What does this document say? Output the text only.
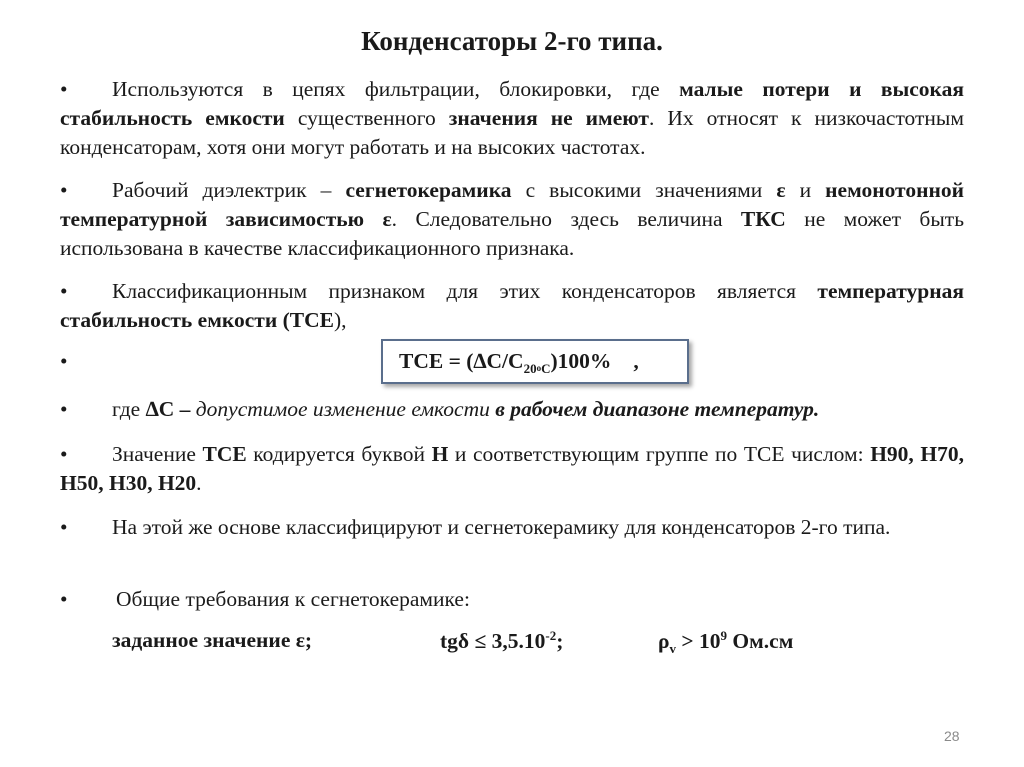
Конденсаторы 2-го типа.
• Используются в цепях фильтрации, блокировки, где малые потери и высокая стабильность емкости существенного значения не имеют. Их относят к низкочастотным конденсаторам, хотя они могут работать и на высоких частотах.
• Рабочий диэлектрик – сегнетокерамика с высокими значениями ε и немонотонной температурной зависимостью ε. Следовательно здесь величина ТКС не может быть использована в качестве классификационного признака.
• Классификационным признаком для этих конденсаторов является температурная стабильность емкости (TCE),
•	TCE = $(\Delta C/C_{20oC})100\%$ ,
• где ∆C – допустимое изменение емкости в рабочем диапазоне температур.
• Значение TCE кодируется буквой Н и соответствующим группе по TCE числом: Н90, Н70, Н50, Н30, Н20.
• На этой же основе классифицируют и сегнетокерамику для конденсаторов 2-го типа.
• Общие требования к сегнетокерамике:
заданное значение ε;	$tg\delta \le 3,5.10^{-2}$;	$\rho_v > 10^9$ Ом.см
28
